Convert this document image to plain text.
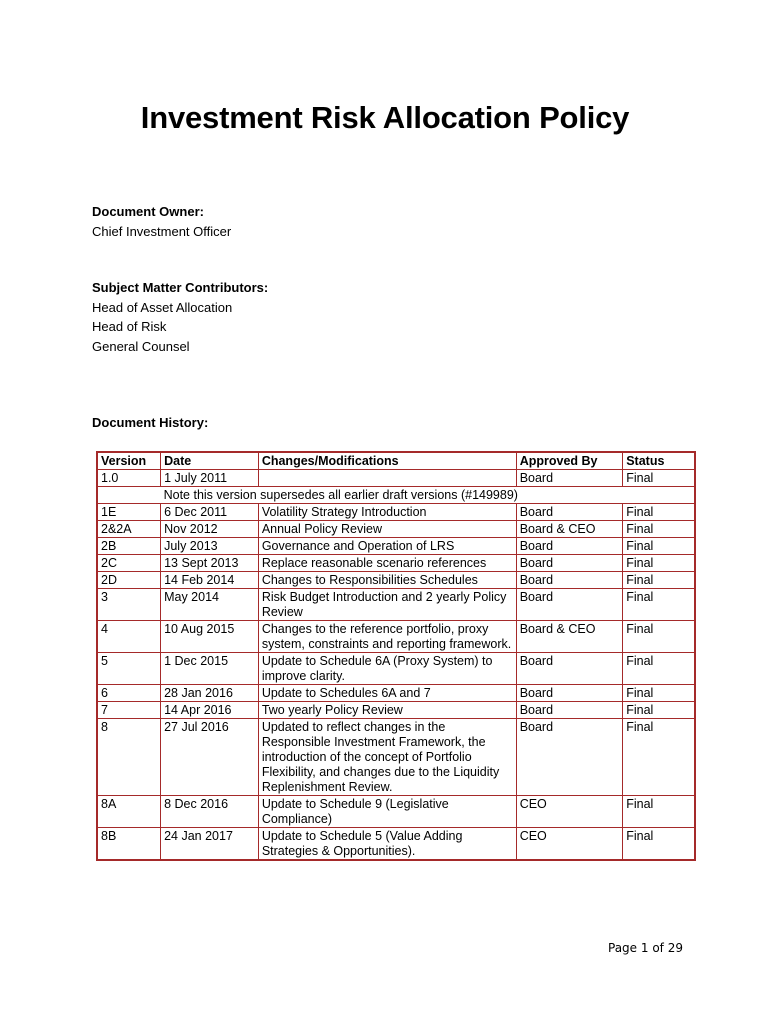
Investment Risk Allocation Policy
Document Owner:
Chief Investment Officer
Subject Matter Contributors:
Head of Asset Allocation
Head of Risk
General Counsel
Document History:
Version	Date	Changes/Modifications	Approved By	Status	
1.0	1 July 2011		Board	Final	
	Note this version supersedes all earlier draft versions (#149989)				
1E	6 Dec 2011	Volatility Strategy Introduction	Board	Final	
2&2A	Nov 2012	Annual Policy Review	Board & CEO	Final	
2B	July 2013	Governance and Operation of LRS	Board	Final	
2C	13 Sept 2013	Replace reasonable scenario references	Board	Final	
2D	14 Feb 2014	Changes to Responsibilities Schedules	Board	Final	
3	May 2014	Risk Budget Introduction and 2 yearly Policy Review	Board	Final	
4	10 Aug 2015	Changes to the reference portfolio, proxy system, constraints and reporting framework.	Board & CEO	Final	
5	1 Dec 2015	Update to Schedule 6A (Proxy System) to improve clarity.	Board	Final	
6	28 Jan 2016	Update to Schedules 6A and 7	Board	Final	
7	14 Apr 2016	Two yearly Policy Review	Board	Final	
8	27 Jul 2016	Updated to reflect changes in the Responsible Investment Framework, the introduction of the concept of Portfolio Flexibility, and changes due to the Liquidity Replenishment Review.	Board	Final	
8A	8 Dec 2016	Update to Schedule 9 (Legislative Compliance)	CEO	Final	
8B	24 Jan 2017	Update to Schedule 5 (Value Adding Strategies & Opportunities).	CEO	Final	
Page 1 of 29
